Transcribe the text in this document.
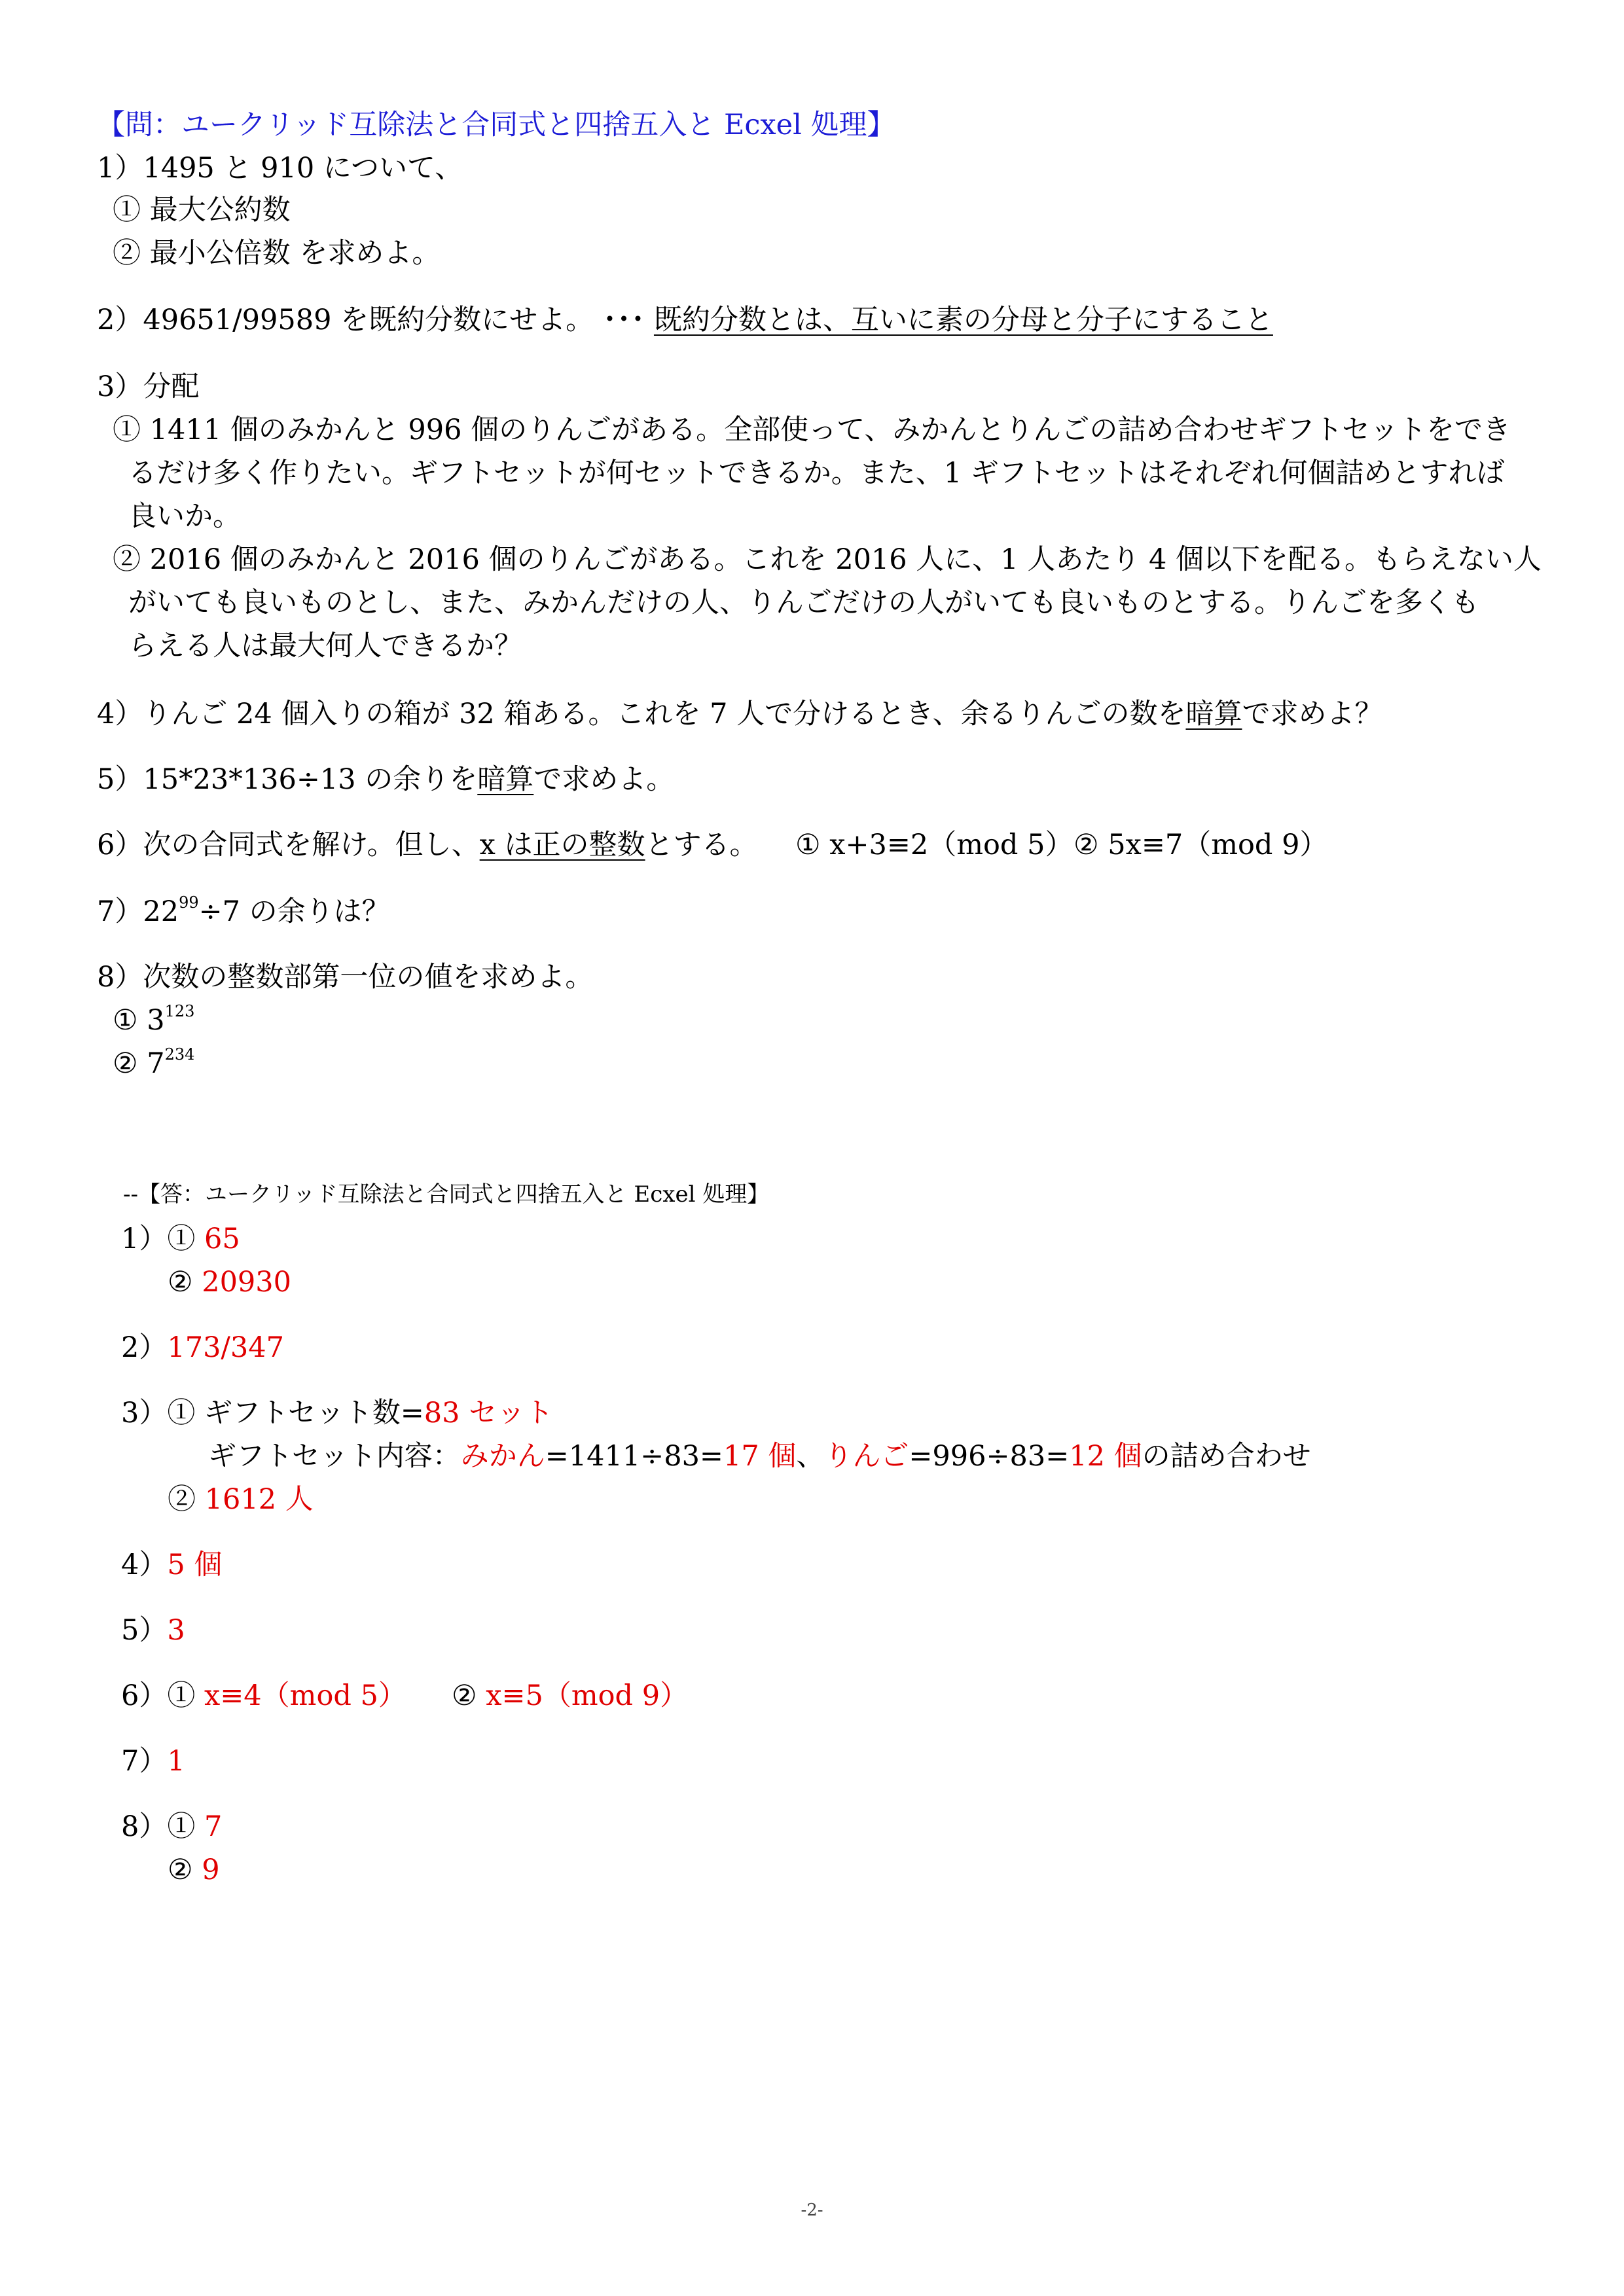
【問：ユークリッド互除法と合同式と四捨五入と Ecxel 処理】
1）1495 と 910 について、
① 最大公約数
② 最小公倍数 を求めよ。
2）49651/99589 を既約分数にせよ。 ･･･ 既約分数とは、互いに素の分母と分子にすること
3）分配
① 1411 個のみかんと 996 個のりんごがある。全部使って、みかんとりんごの詰め合わせギフトセットをでき
るだけ多く作りたい。ギフトセットが何セットできるか。また、1 ギフトセットはそれぞれ何個詰めとすれば
良いか。
② 2016 個のみかんと 2016 個のりんごがある。これを 2016 人に、1 人あたり 4 個以下を配る。もらえない人
がいても良いものとし、また、みかんだけの人、りんごだけの人がいても良いものとする。りんごを多くも
らえる人は最大何人できるか？
4）りんご 24 個入りの箱が 32 箱ある。これを 7 人で分けるとき、余るりんごの数を暗算で求めよ？
5）15*23*136÷13 の余りを暗算で求めよ。
6）次の合同式を解け。但し、x は正の整数とする。 ① x+3≡2（mod 5） ② 5x≡7（mod 9）
$7)22^{99}\div 7$ の余りは？
8）次数の整数部第一位の値を求めよ。
① $3^{123}$
② $7^{234}$
--【答：ユークリッド互除法と合同式と四捨五入と Ecxel 処理】
1）① 65
② 20930
2）173/347
3）① ギフトセット数=83 セット
ギフトセット内容：みかん=1411÷83=17 個、りんご=996÷83=12 個の詰め合わせ
② 1612 人
4）5 個
5）3
6）① x≡4（mod 5） ② x≡5（mod 9）
7）1
8）① 7
② 9
-2-
